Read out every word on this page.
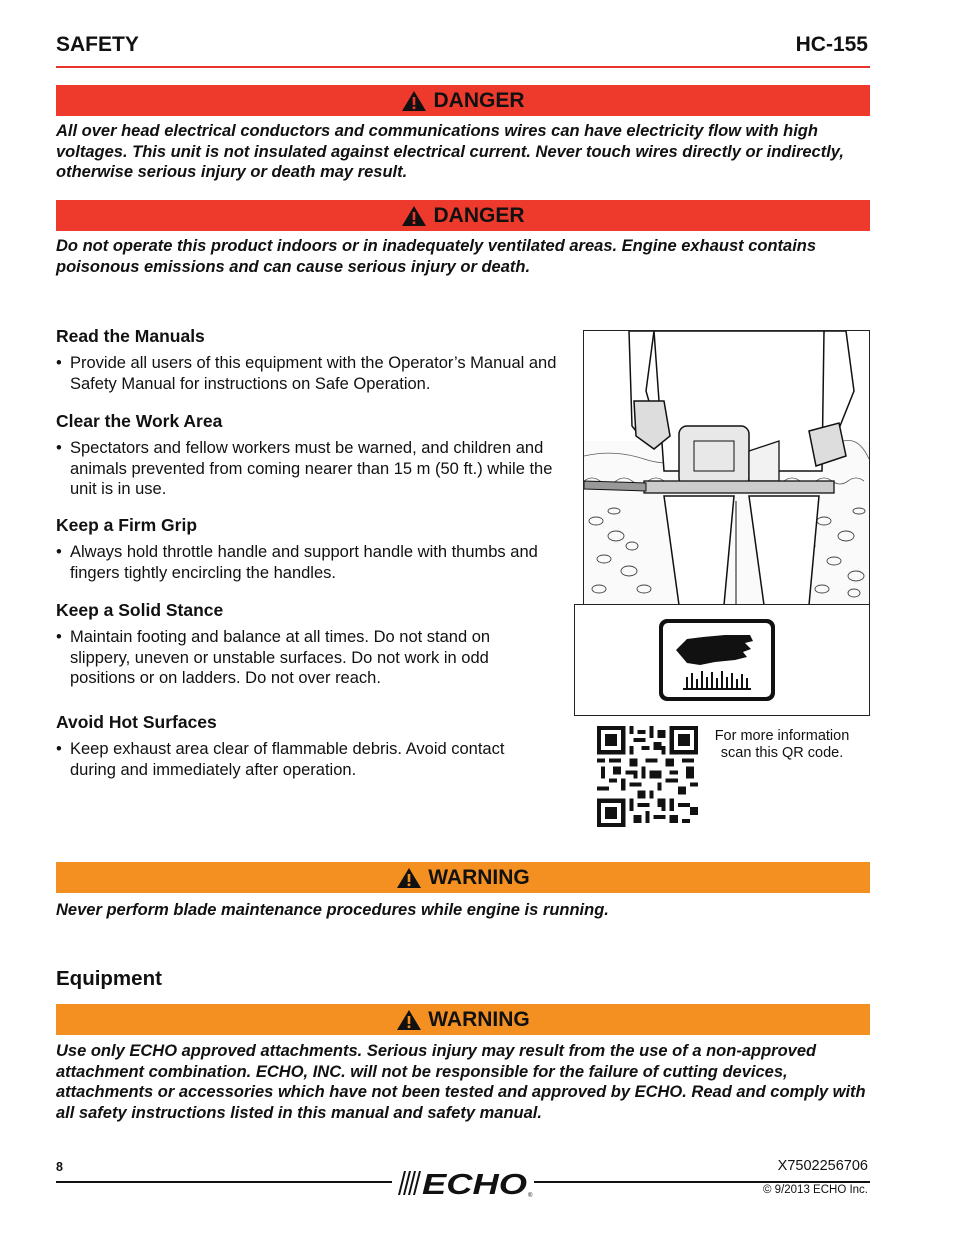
SAFETY	HC-155
DANGER
All over head electrical conductors and communications wires can have electricity flow with high voltages. This unit is not insulated against electrical current. Never touch wires directly or indirectly, otherwise serious injury or death may result.
DANGER
Do not operate this product indoors or in inadequately ventilated areas. Engine exhaust contains poisonous emissions and can cause serious injury or death.
Read the Manuals
• Provide all users of this equipment with the Operator’s Manual and Safety Manual for instructions on Safe Operation.
Clear the Work Area
• Spectators and fellow workers must be warned, and children and animals prevented from coming nearer than 15 m (50 ft.) while the unit is in use.
Keep a Firm Grip
• Always hold throttle handle and support handle with thumbs and fingers tightly encircling the handles.
Keep a Solid Stance
• Maintain footing and balance at all times. Do not stand on slippery, uneven or unstable surfaces. Do not work in odd positions or on ladders. Do not over reach.
Avoid Hot Surfaces
• Keep exhaust area clear of flammable debris. Avoid contact during and immediately after operation.
For more information scan this QR code.
WARNING
Never perform blade maintenance procedures while engine is running.
Equipment
WARNING
Use only ECHO approved attachments. Serious injury may result from the use of a non-approved attachment combination. ECHO, INC. will not be responsible for the failure of cutting devices, attachments or accessories which have not been tested and approved by ECHO. Read and comply with all safety instructions listed in this manual and safety manual.
8	X7502256706
ECHO ®	© 9/2013 ECHO Inc.
